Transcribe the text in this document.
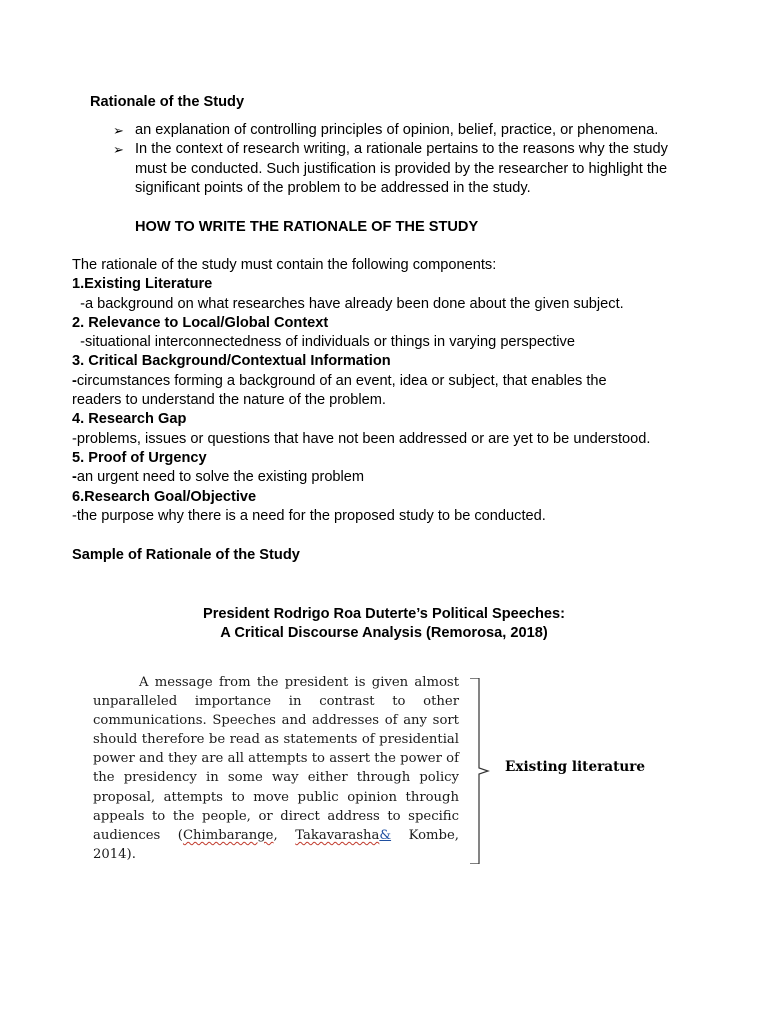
Rationale of the Study
➢ an explanation of controlling principles of opinion, belief, practice, or phenomena.
➢ In the context of research writing, a rationale pertains to the reasons why the study must be conducted. Such justification is provided by the researcher to highlight the significant points of the problem to be addressed in the study.
HOW TO WRITE THE RATIONALE OF THE STUDY
The rationale of the study must contain the following components:
1.Existing Literature
-a background on what researches have already been done about the given subject.
2. Relevance to Local/Global Context
-situational interconnectedness of individuals or things in varying perspective
3. Critical Background/Contextual Information
-circumstances forming a background of an event, idea or subject, that enables the
readers to understand the nature of the problem.
4. Research Gap
-problems, issues or questions that have not been addressed or are yet to be understood.
5. Proof of Urgency
-an urgent need to solve the existing problem
6.Research Goal/Objective
-the purpose why there is a need for the proposed study to be conducted.
Sample of Rationale of the Study
President Rodrigo Roa Duterte’s Political Speeches:
A Critical Discourse Analysis (Remorosa, 2018)
A message from the president is given almost unparalleled importance in contrast to other communications. Speeches and addresses of any sort should therefore be read as statements of presidential power and they are all attempts to assert the power of the presidency in some way either through policy proposal, attempts to move public opinion through appeals to the people, or direct address to specific audiences (Chimbarange, Takavarasha& Kombe, 2014).
Existing literature
